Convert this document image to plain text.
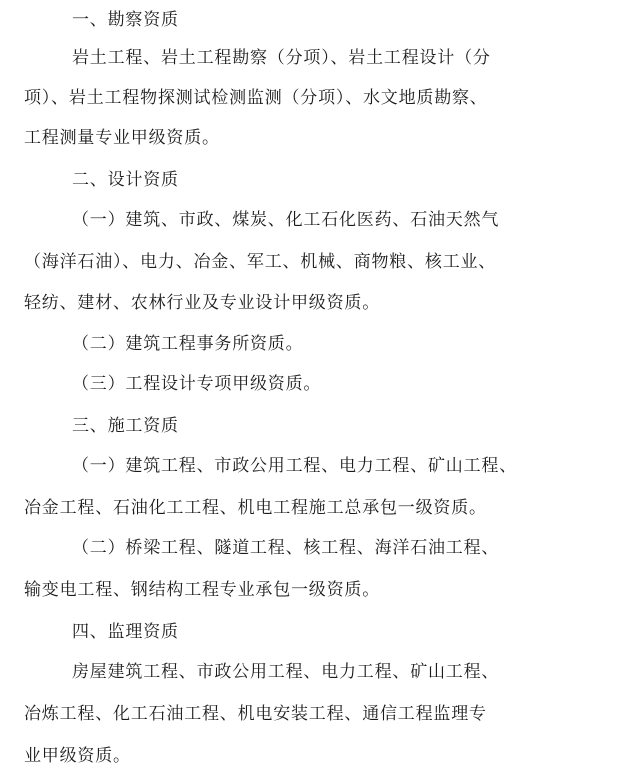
一、勘察资质
岩土工程、岩土工程勘察（分项）、岩土工程设计（分
项）、岩土工程物探测试检测监测（分项）、水文地质勘察、
工程测量专业甲级资质。
二、设计资质
（一）建筑、市政、煤炭、化工石化医药、石油天然气
（海洋石油）、电力、冶金、军工、机械、商物粮、核工业、
轻纺、建材、农林行业及专业设计甲级资质。
（二）建筑工程事务所资质。
（三）工程设计专项甲级资质。
三、施工资质
（一）建筑工程、市政公用工程、电力工程、矿山工程、
冶金工程、石油化工工程、机电工程施工总承包一级资质。
（二）桥梁工程、隧道工程、核工程、海洋石油工程、
输变电工程、钢结构工程专业承包一级资质。
四、监理资质
房屋建筑工程、市政公用工程、电力工程、矿山工程、
冶炼工程、化工石油工程、机电安装工程、通信工程监理专
业甲级资质。
